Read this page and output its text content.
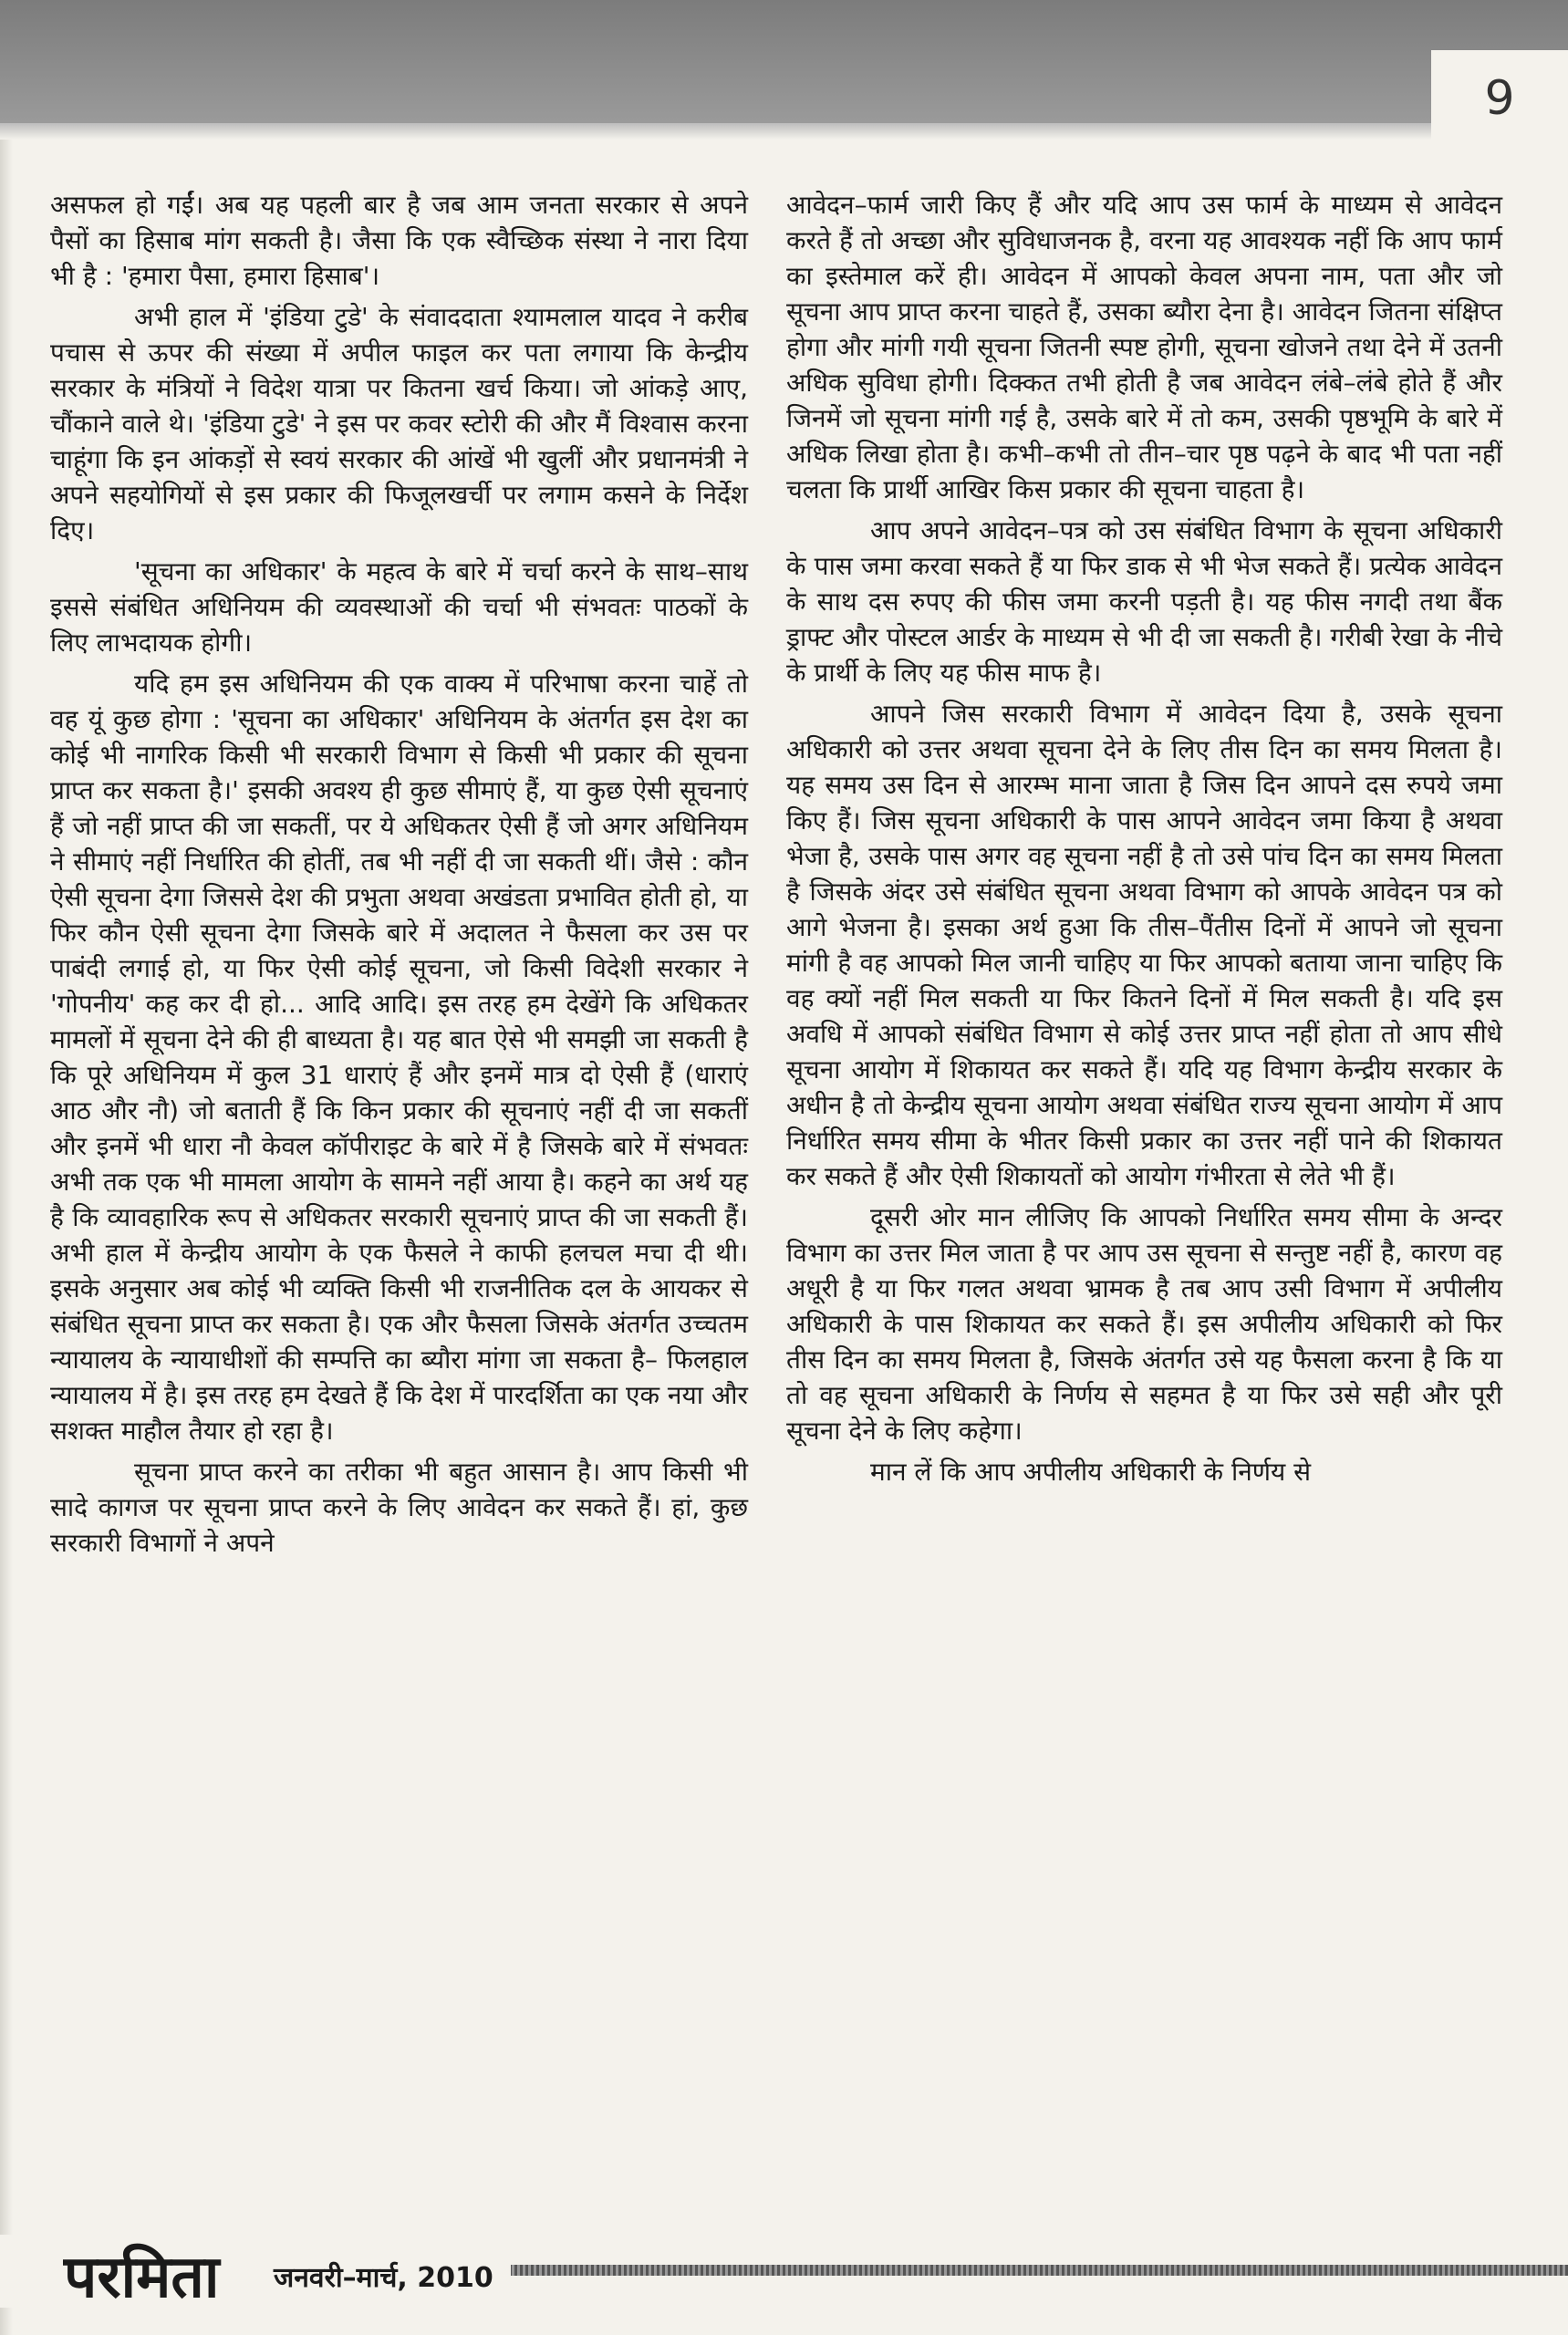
9

असफल हो गईं। अब यह पहली बार है जब आम जनता सरकार से अपने पैसों का हिसाब मांग सकती है। जैसा कि एक स्वैच्छिक संस्था ने नारा दिया भी है : 'हमारा पैसा, हमारा हिसाब'।

अभी हाल में 'इंडिया टुडे' के संवाददाता श्यामलाल यादव ने करीब पचास से ऊपर की संख्या में अपील फाइल कर पता लगाया कि केन्द्रीय सरकार के मंत्रियों ने विदेश यात्रा पर कितना खर्च किया। जो आंकड़े आए, चौंकाने वाले थे। 'इंडिया टुडे' ने इस पर कवर स्टोरी की और मैं विश्वास करना चाहूंगा कि इन आंकड़ों से स्वयं सरकार की आंखें भी खुलीं और प्रधानमंत्री ने अपने सहयोगियों से इस प्रकार की फिजूलखर्ची पर लगाम कसने के निर्देश दिए।

'सूचना का अधिकार' के महत्व के बारे में चर्चा करने के साथ–साथ इससे संबंधित अधिनियम की व्यवस्थाओं की चर्चा भी संभवतः पाठकों के लिए लाभदायक होगी।

यदि हम इस अधिनियम की एक वाक्य में परिभाषा करना चाहें तो वह यूं कुछ होगा : 'सूचना का अधिकार' अधिनियम के अंतर्गत इस देश का कोई भी नागरिक किसी भी सरकारी विभाग से किसी भी प्रकार की सूचना प्राप्त कर सकता है।' इसकी अवश्य ही कुछ सीमाएं हैं, या कुछ ऐसी सूचनाएं हैं जो नहीं प्राप्त की जा सकतीं, पर ये अधिकतर ऐसी हैं जो अगर अधिनियम ने सीमाएं नहीं निर्धारित की होतीं, तब भी नहीं दी जा सकती थीं। जैसे : कौन ऐसी सूचना देगा जिससे देश की प्रभुता अथवा अखंडता प्रभावित होती हो, या फिर कौन ऐसी सूचना देगा जिसके बारे में अदालत ने फैसला कर उस पर पाबंदी लगाई हो, या फिर ऐसी कोई सूचना, जो किसी विदेशी सरकार ने 'गोपनीय' कह कर दी हो... आदि आदि। इस तरह हम देखेंगे कि अधिकतर मामलों में सूचना देने की ही बाध्यता है। यह बात ऐसे भी समझी जा सकती है कि पूरे अधिनियम में कुल 31 धाराएं हैं और इनमें मात्र दो ऐसी हैं (धाराएं आठ और नौ) जो बताती हैं कि किन प्रकार की सूचनाएं नहीं दी जा सकतीं और इनमें भी धारा नौ केवल कॉपीराइट के बारे में है जिसके बारे में संभवतः अभी तक एक भी मामला आयोग के सामने नहीं आया है। कहने का अर्थ यह है कि व्यावहारिक रूप से अधिकतर सरकारी सूचनाएं प्राप्त की जा सकती हैं। अभी हाल में केन्द्रीय आयोग के एक फैसले ने काफी हलचल मचा दी थी। इसके अनुसार अब कोई भी व्यक्ति किसी भी राजनीतिक दल के आयकर से संबंधित सूचना प्राप्त कर सकता है। एक और फैसला जिसके अंतर्गत उच्चतम न्यायालय के न्यायाधीशों की सम्पत्ति का ब्यौरा मांगा जा सकता है– फिलहाल न्यायालय में है। इस तरह हम देखते हैं कि देश में पारदर्शिता का एक नया और सशक्त माहौल तैयार हो रहा है।

सूचना प्राप्त करने का तरीका भी बहुत आसान है। आप किसी भी सादे कागज पर सूचना प्राप्त करने के लिए आवेदन कर सकते हैं। हां, कुछ सरकारी विभागों ने अपने

आवेदन–फार्म जारी किए हैं और यदि आप उस फार्म के माध्यम से आवेदन करते हैं तो अच्छा और सुविधाजनक है, वरना यह आवश्यक नहीं कि आप फार्म का इस्तेमाल करें ही। आवेदन में आपको केवल अपना नाम, पता और जो सूचना आप प्राप्त करना चाहते हैं, उसका ब्यौरा देना है। आवेदन जितना संक्षिप्त होगा और मांगी गयी सूचना जितनी स्पष्ट होगी, सूचना खोजने तथा देने में उतनी अधिक सुविधा होगी। दिक्कत तभी होती है जब आवेदन लंबे–लंबे होते हैं और जिनमें जो सूचना मांगी गई है, उसके बारे में तो कम, उसकी पृष्ठभूमि के बारे में अधिक लिखा होता है। कभी–कभी तो तीन–चार पृष्ठ पढ़ने के बाद भी पता नहीं चलता कि प्रार्थी आखिर किस प्रकार की सूचना चाहता है।

आप अपने आवेदन–पत्र को उस संबंधित विभाग के सूचना अधिकारी के पास जमा करवा सकते हैं या फिर डाक से भी भेज सकते हैं। प्रत्येक आवेदन के साथ दस रुपए की फीस जमा करनी पड़ती है। यह फीस नगदी तथा बैंक ड्राफ्ट और पोस्टल आर्डर के माध्यम से भी दी जा सकती है। गरीबी रेखा के नीचे के प्रार्थी के लिए यह फीस माफ है।

आपने जिस सरकारी विभाग में आवेदन दिया है, उसके सूचना अधिकारी को उत्तर अथवा सूचना देने के लिए तीस दिन का समय मिलता है। यह समय उस दिन से आरम्भ माना जाता है जिस दिन आपने दस रुपये जमा किए हैं। जिस सूचना अधिकारी के पास आपने आवेदन जमा किया है अथवा भेजा है, उसके पास अगर वह सूचना नहीं है तो उसे पांच दिन का समय मिलता है जिसके अंदर उसे संबंधित सूचना अथवा विभाग को आपके आवेदन पत्र को आगे भेजना है। इसका अर्थ हुआ कि तीस–पैंतीस दिनों में आपने जो सूचना मांगी है वह आपको मिल जानी चाहिए या फिर आपको बताया जाना चाहिए कि वह क्यों नहीं मिल सकती या फिर कितने दिनों में मिल सकती है। यदि इस अवधि में आपको संबंधित विभाग से कोई उत्तर प्राप्त नहीं होता तो आप सीधे सूचना आयोग में शिकायत कर सकते हैं। यदि यह विभाग केन्द्रीय सरकार के अधीन है तो केन्द्रीय सूचना आयोग अथवा संबंधित राज्य सूचना आयोग में आप निर्धारित समय सीमा के भीतर किसी प्रकार का उत्तर नहीं पाने की शिकायत कर सकते हैं और ऐसी शिकायतों को आयोग गंभीरता से लेते भी हैं।

दूसरी ओर मान लीजिए कि आपको निर्धारित समय सीमा के अन्दर विभाग का उत्तर मिल जाता है पर आप उस सूचना से सन्तुष्ट नहीं है, कारण वह अधूरी है या फिर गलत अथवा भ्रामक है तब आप उसी विभाग में अपीलीय अधिकारी के पास शिकायत कर सकते हैं। इस अपीलीय अधिकारी को फिर तीस दिन का समय मिलता है, जिसके अंतर्गत उसे यह फैसला करना है कि या तो वह सूचना अधिकारी के निर्णय से सहमत है या फिर उसे सही और पूरी सूचना देने के लिए कहेगा।

मान लें कि आप अपीलीय अधिकारी के निर्णय से

परमिता जनवरी–मार्च, 2010
